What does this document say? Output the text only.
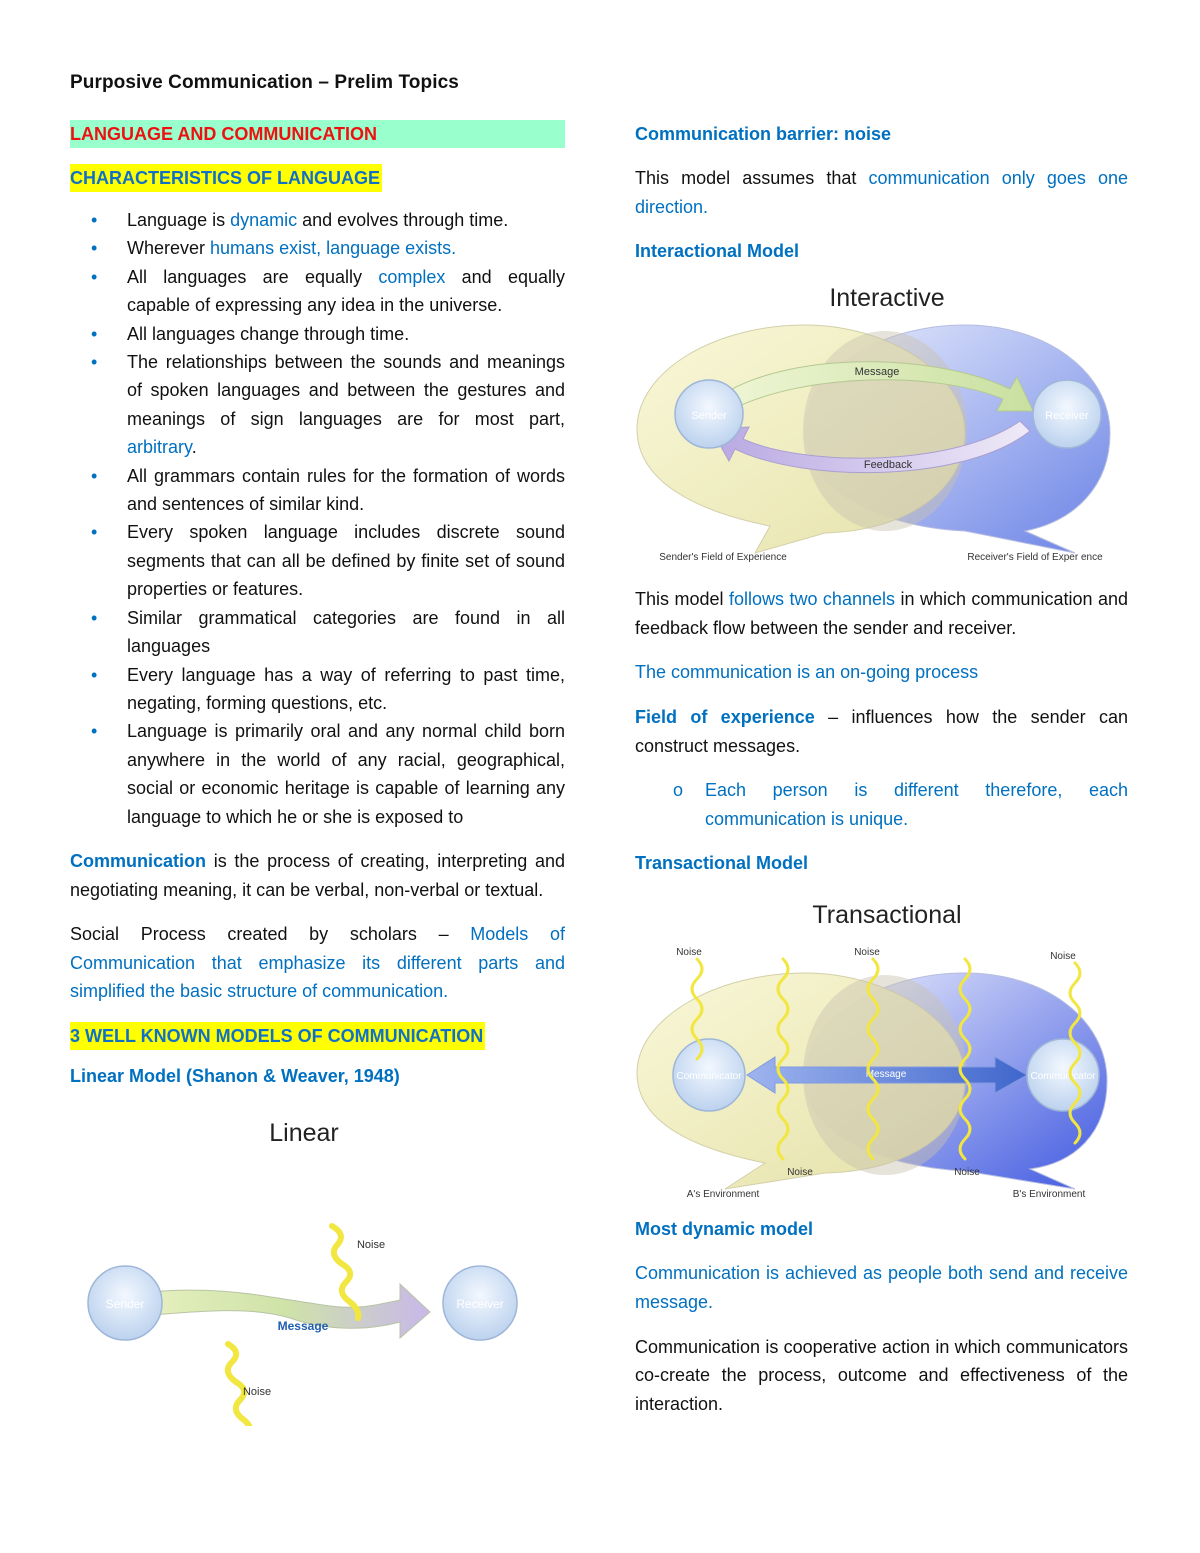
Purposive Communication – Prelim Topics
LANGUAGE AND COMMUNICATION
CHARACTERISTICS OF LANGUAGE
• Language is dynamic and evolves through time.
• Wherever humans exist, language exists.
• All languages are equally complex and equally capable of expressing any idea in the universe.
• All languages change through time.
• The relationships between the sounds and meanings of spoken languages and between the gestures and meanings of sign languages are for most part, arbitrary.
• All grammars contain rules for the formation of words and sentences of similar kind.
• Every spoken language includes discrete sound segments that can all be defined by finite set of sound properties or features.
• Similar grammatical categories are found in all languages
• Every language has a way of referring to past time, negating, forming questions, etc.
• Language is primarily oral and any normal child born anywhere in the world of any racial, geographical, social or economic heritage is capable of learning any language to which he or she is exposed to

Communication is the process of creating, interpreting and negotiating meaning, it can be verbal, non-verbal or textual.

Social Process created by scholars – Models of Communication that emphasize its different parts and simplified the basic structure of communication.

3 WELL KNOWN MODELS OF COMMUNICATION
Linear Model (Shanon & Weaver, 1948)
Linear
Sender	Receiver
Message
Noise
Noise
Communication barrier: noise

This model assumes that communication only goes one direction.

Interactional Model
Interactive
Sender	Receiver
Message
Feedback
Sender's Field of Experience	Receiver's Field of Exper ence

This model follows two channels in which communication and feedback flow between the sender and receiver.

The communication is an on-going process

Field of experience – influences how the sender can construct messages.

o Each person is different therefore, each communication is unique.
Transactional Model
Transactional
Communicator	Communicator
Message
Noise	Noise	Noise
Noise	Noise
A's Environment	B's Environment
Most dynamic model

Communication is achieved as people both send and receive message.

Communication is cooperative action in which communicators co-create the process, outcome and effectiveness of the interaction.
